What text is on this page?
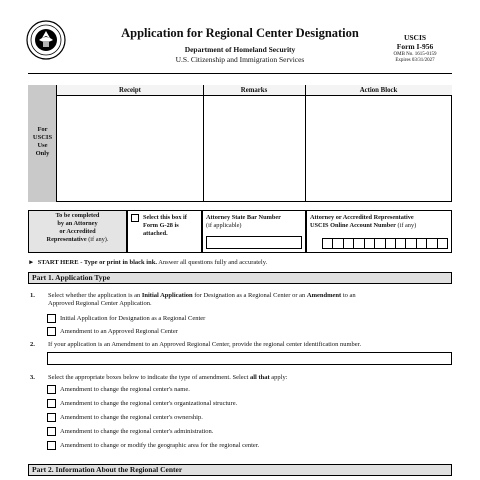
Application for Regional Center Designation
Department of Homeland Security
U.S. Citizenship and Immigration Services
USCIS
Form I-956
OMB No. 1615-0159
Expires 03/31/2027
For
USCIS
Use
Only
Receipt	Remarks	Action Block
To be completed
by an Attorney
or Accredited
Representative (if any).
Select this box if
Form G-28 is
attached.
Attorney State Bar Number
(if applicable)
Attorney or Accredited Representative
USCIS Online Account Number (if any)
► START HERE - Type or print in black ink. Answer all questions fully and accurately.
Part 1. Application Type
1. Select whether the application is an Initial Application for Designation as a Regional Center or an Amendment to an
Approved Regional Center Application.
Initial Application for Designation as a Regional Center
Amendment to an Approved Regional Center
2. If your application is an Amendment to an Approved Regional Center, provide the regional center identification number.
3. Select the appropriate boxes below to indicate the type of amendment. Select all that apply:
Amendment to change the regional center's name.
Amendment to change the regional center's organizational structure.
Amendment to change the regional center's ownership.
Amendment to change the regional center's administration.
Amendment to change or modify the geographic area for the regional center.
Part 2. Information About the Regional Center
